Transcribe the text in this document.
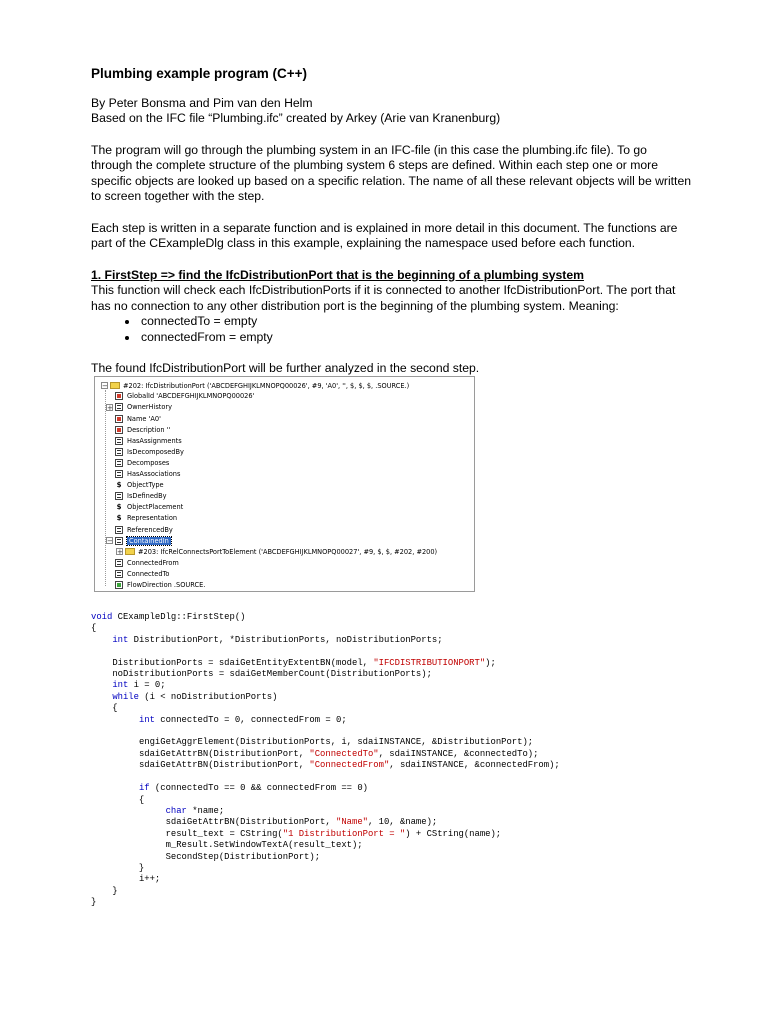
Plumbing example program (C++)

By Peter Bonsma and Pim van den Helm

Based on the IFC file “Plumbing.ifc” created by Arkey (Arie van Kranenburg)

The program will go through the plumbing system in an IFC-file (in this case the plumbing.ifc file). To go through the complete structure of the plumbing system 6 steps are defined. Within each step one or more specific objects are looked up based on a specific relation. The name of all these relevant objects will be written to screen together with the step.

Each step is written in a separate function and is explained in more detail in this document. The functions are part of the CExampleDlg class in this example, explaining the namespace used before each function.

1. FirstStep => find the IfcDistributionPort that is the beginning of a plumbing system

This function will check each IfcDistributionPorts if it is connected to another IfcDistributionPort. The port that has no connection to any other distribution port is the beginning of the plumbing system. Meaning:

• connectedTo = empty
• connectedFrom = empty

The found IfcDistributionPort will be further analyzed in the second step.

− #202: IfcDistributionPort ('ABCDEFGHIJKLMNOPQ00026', #9, 'A0', '', $, $, $, .SOURCE.)
GlobalId 'ABCDEFGHIJKLMNOPQ00026'
+ OwnerHistory
Name 'A0'
Description ''
HasAssignments
IsDecomposedBy
Decomposes
HasAssociations
$ ObjectType
IsDefinedBy
$ ObjectPlacement
$ Representation
ReferencedBy
−	ContainedIn
+ #203: IfcRelConnectsPortToElement ('ABCDEFGHIJKLMNOPQ00027', #9, $, $, #202, #200)
ConnectedFrom
ConnectedTo
FlowDirection .SOURCE.
void CExampleDlg::FirstStep()
{
int DistributionPort, *DistributionPorts, noDistributionPorts;

DistributionPorts = sdaiGetEntityExtentBN(model, "IFCDISTRIBUTIONPORT");
noDistributionPorts = sdaiGetMemberCount(DistributionPorts);
int i = 0;
while (i < noDistributionPorts)
{
int connectedTo = 0, connectedFrom = 0;

engiGetAggrElement(DistributionPorts, i, sdaiINSTANCE, &DistributionPort);
sdaiGetAttrBN(DistributionPort, "ConnectedTo", sdaiINSTANCE, &connectedTo);
sdaiGetAttrBN(DistributionPort, "ConnectedFrom", sdaiINSTANCE, &connectedFrom);

if (connectedTo == 0 && connectedFrom == 0)
{
char *name;
sdaiGetAttrBN(DistributionPort, "Name", 10, &name);
result_text = CString("1 DistributionPort = ") + CString(name);
m_Result.SetWindowTextA(result_text);
SecondStep(DistributionPort);
}
i++;
}
}
